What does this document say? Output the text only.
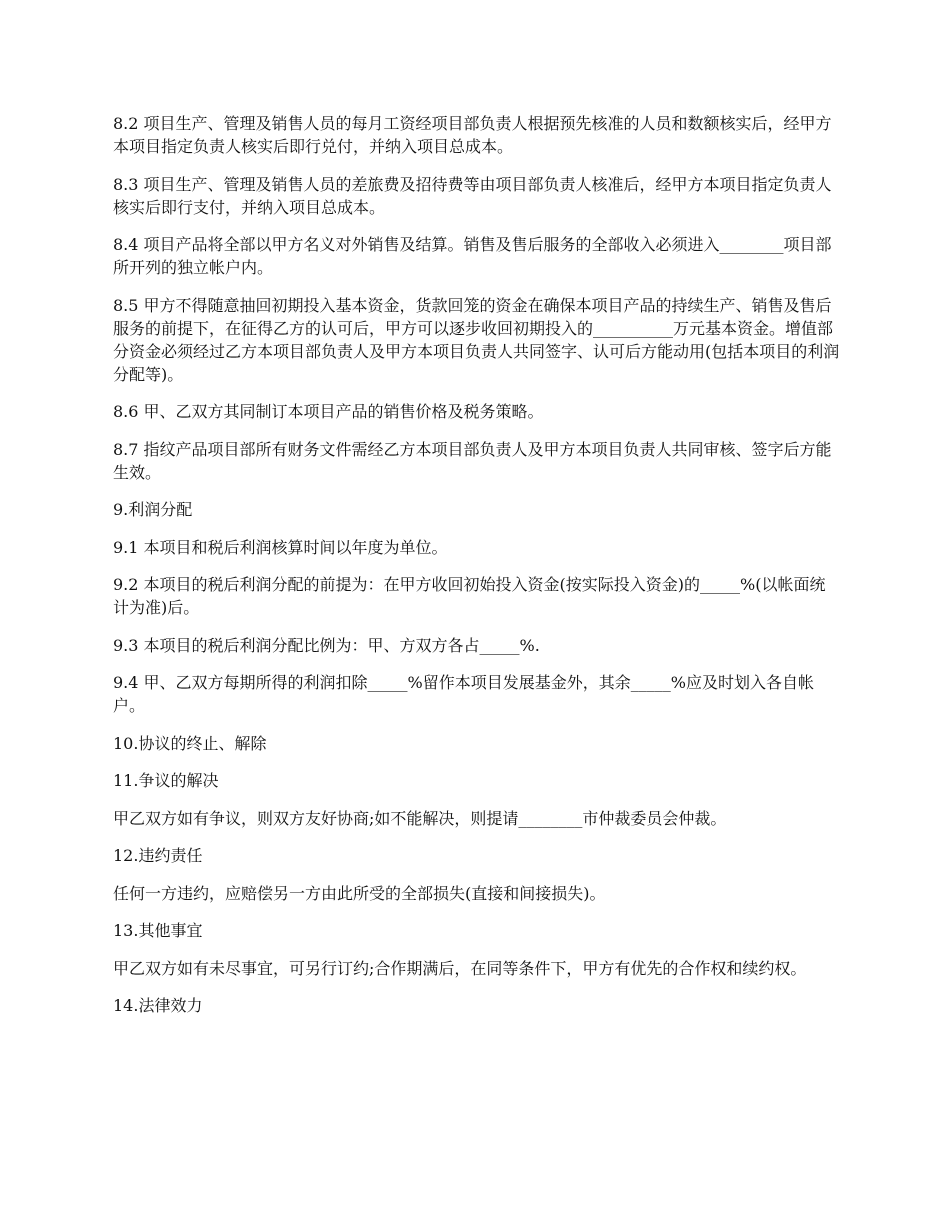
8.2 项目生产、管理及销售人员的每月工资经项目部负责人根据预先核准的人员和数额核实后，经甲方本项目指定负责人核实后即行兑付，并纳入项目总成本。

8.3 项目生产、管理及销售人员的差旅费及招待费等由项目部负责人核准后，经甲方本项目指定负责人核实后即行支付，并纳入项目总成本。

8.4 项目产品将全部以甲方名义对外销售及结算。销售及售后服务的全部收入必须进入________项目部所开列的独立帐户内。

8.5 甲方不得随意抽回初期投入基本资金，货款回笼的资金在确保本项目产品的持续生产、销售及售后服务的前提下，在征得乙方的认可后，甲方可以逐步收回初期投入的__________万元基本资金。增值部分资金必须经过乙方本项目部负责人及甲方本项目负责人共同签字、认可后方能动用(包括本项目的利润分配等)。

8.6 甲、乙双方其同制订本项目产品的销售价格及税务策略。

8.7 指纹产品项目部所有财务文件需经乙方本项目部负责人及甲方本项目负责人共同审核、签字后方能生效。

9.利润分配

9.1 本项目和税后利润核算时间以年度为单位。

9.2 本项目的税后利润分配的前提为：在甲方收回初始投入资金(按实际投入资金)的_____%(以帐面统计为准)后。

9.3 本项目的税后利润分配比例为：甲、方双方各占_____%.

9.4 甲、乙双方每期所得的利润扣除_____%留作本项目发展基金外，其余_____%应及时划入各自帐户。

10.协议的终止、解除

11.争议的解决

甲乙双方如有争议，则双方友好协商;如不能解决，则提请________市仲裁委员会仲裁。

12.违约责任

任何一方违约，应赔偿另一方由此所受的全部损失(直接和间接损失)。

13.其他事宜

甲乙双方如有未尽事宜，可另行订约;合作期满后，在同等条件下，甲方有优先的合作权和续约权。

14.法律效力
